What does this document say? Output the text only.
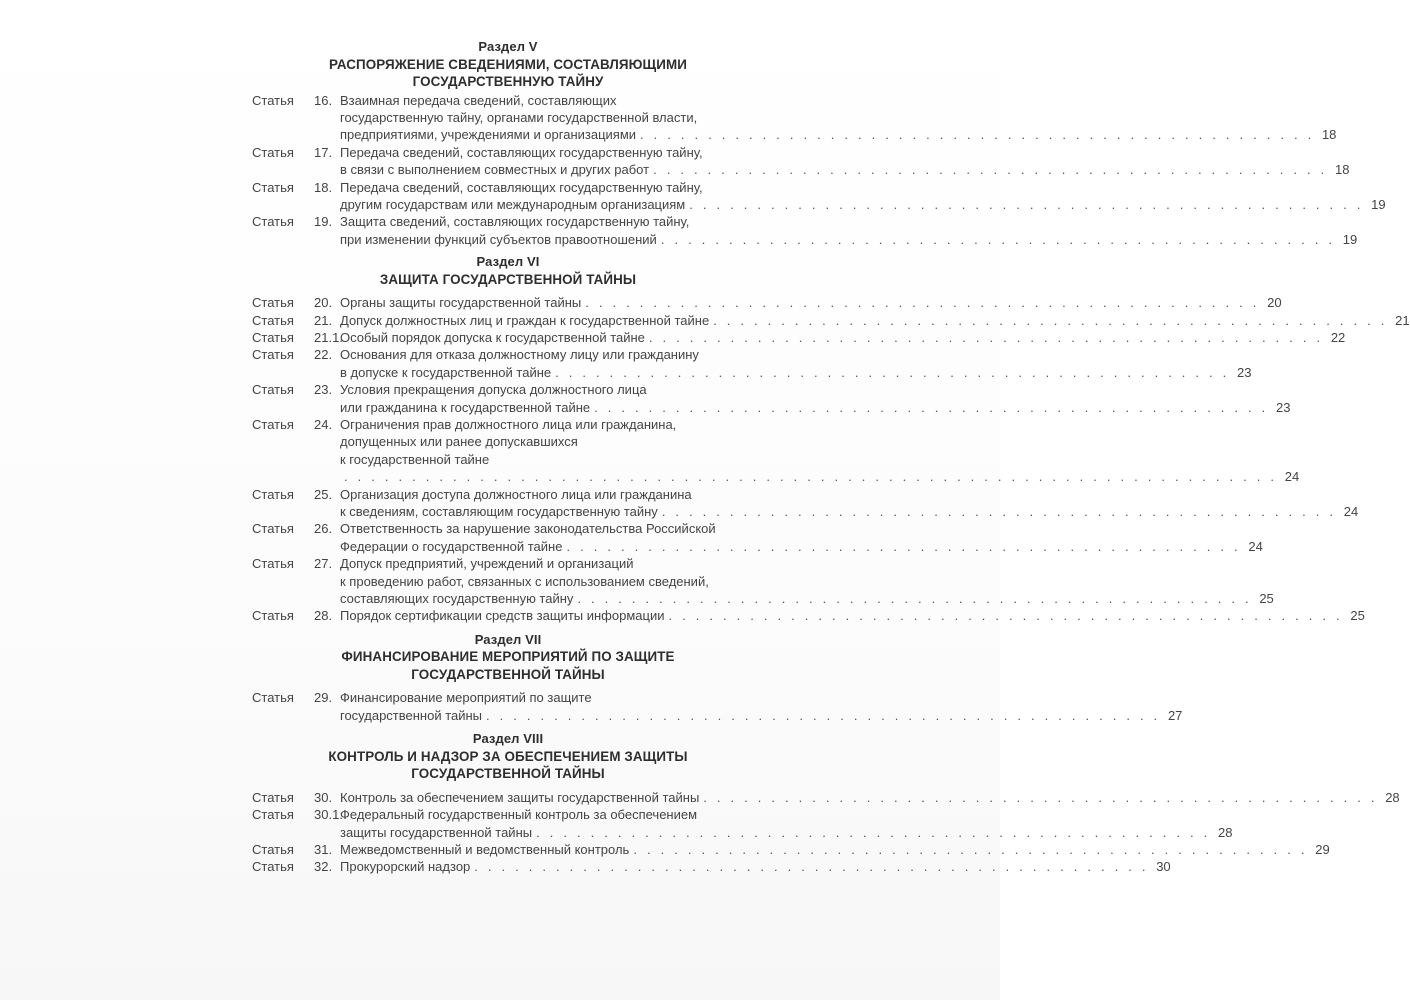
Раздел V
РАСПОРЯЖЕНИЕ СВЕДЕНИЯМИ, СОСТАВЛЯЮЩИМИ
ГОСУДАРСТВЕННУЮ ТАЙНУ
Статья	16. Взаимная передача сведений, составляющих
государственную тайну, органами государственной власти,
предприятиями, учреждениями и организациями . . . . . . . . . . . . . . . . . . . . . . . . . . . . . . . . . . . . . . . . . . . . . . . . . . 18
Статья	17. Передача сведений, составляющих государственную тайну,
в связи с выполнением совместных и других работ . . . . . . . . . . . . . . . . . . . . . . . . . . . . . . . . . . . . . . . . . . . . . . . . . . 18
Статья	18. Передача сведений, составляющих государственную тайну,
другим государствам или международным организациям . . . . . . . . . . . . . . . . . . . . . . . . . . . . . . . . . . . . . . . . . . . . . . . . . . 19
Статья	19. Защита сведений, составляющих государственную тайну,
при изменении функций субъектов правоотношений . . . . . . . . . . . . . . . . . . . . . . . . . . . . . . . . . . . . . . . . . . . . . . . . . . 19
Раздел VI
ЗАЩИТА ГОСУДАРСТВЕННОЙ ТАЙНЫ
Статья	20. Органы защиты государственной тайны . . . . . . . . . . . . . . . . . . . . . . . . . . . . . . . . . . . . . . . . . . . . . . . . . . 20
Статья	21. Допуск должностных лиц и граждан к государственной тайне . . . . . . . . . . . . . . . . . . . . . . . . . . . . . . . . . . . . . . . . . . . . . . . . . . 21
Статья	21.1.
Особый порядок допуска к государственной тайне . . . . . . . . . . . . . . . . . . . . . . . . . . . . . . . . . . . . . . . . . . . . . . . . . . 22
Статья	22. Основания для отказа должностному лицу или гражданину
в допуске к государственной тайне . . . . . . . . . . . . . . . . . . . . . . . . . . . . . . . . . . . . . . . . . . . . . . . . . . 23
Статья	23. Условия прекращения допуска должностного лица
или гражданина к государственной тайне . . . . . . . . . . . . . . . . . . . . . . . . . . . . . . . . . . . . . . . . . . . . . . . . . . 23
Статья	24. Ограничения прав должностного лица или гражданина,
допущенных или ранее допускавшихся
к государственной тайне
. . . . . . . . . . . . . . . . . . . . . . . . . . . . . . . . . . . . . . . . . . . . . . . . . . . . . . . . . . . . . . . . . . . . . 24
Статья	25. Организация доступа должностного лица или гражданина
к сведениям, составляющим государственную тайну . . . . . . . . . . . . . . . . . . . . . . . . . . . . . . . . . . . . . . . . . . . . . . . . . . 24
Статья	26. Ответственность за нарушение законодательства Российской
Федерации о государственной тайне . . . . . . . . . . . . . . . . . . . . . . . . . . . . . . . . . . . . . . . . . . . . . . . . . . 24
Статья	27. Допуск предприятий, учреждений и организаций
к проведению работ, связанных с использованием сведений,
составляющих государственную тайну . . . . . . . . . . . . . . . . . . . . . . . . . . . . . . . . . . . . . . . . . . . . . . . . . . 25
Статья	28. Порядок сертификации средств защиты информации . . . . . . . . . . . . . . . . . . . . . . . . . . . . . . . . . . . . . . . . . . . . . . . . . . 25
Раздел VII
ФИНАНСИРОВАНИЕ МЕРОПРИЯТИЙ ПО ЗАЩИТЕ
ГОСУДАРСТВЕННОЙ ТАЙНЫ
Статья	29. Финансирование мероприятий по защите
государственной тайны . . . . . . . . . . . . . . . . . . . . . . . . . . . . . . . . . . . . . . . . . . . . . . . . . . 27
Раздел VIII
КОНТРОЛЬ И НАДЗОР ЗА ОБЕСПЕЧЕНИЕМ ЗАЩИТЫ
ГОСУДАРСТВЕННОЙ ТАЙНЫ
Статья	30. Контроль за обеспечением защиты государственной тайны . . . . . . . . . . . . . . . . . . . . . . . . . . . . . . . . . . . . . . . . . . . . . . . . . . 28
Статья	30.1.
Федеральный государственный контроль за обеспечением
защиты государственной тайны . . . . . . . . . . . . . . . . . . . . . . . . . . . . . . . . . . . . . . . . . . . . . . . . . . 28
Статья	31. Межведомственный и ведомственный контроль . . . . . . . . . . . . . . . . . . . . . . . . . . . . . . . . . . . . . . . . . . . . . . . . . . 29
Статья	32. Прокурорский надзор . . . . . . . . . . . . . . . . . . . . . . . . . . . . . . . . . . . . . . . . . . . . . . . . . . 30
